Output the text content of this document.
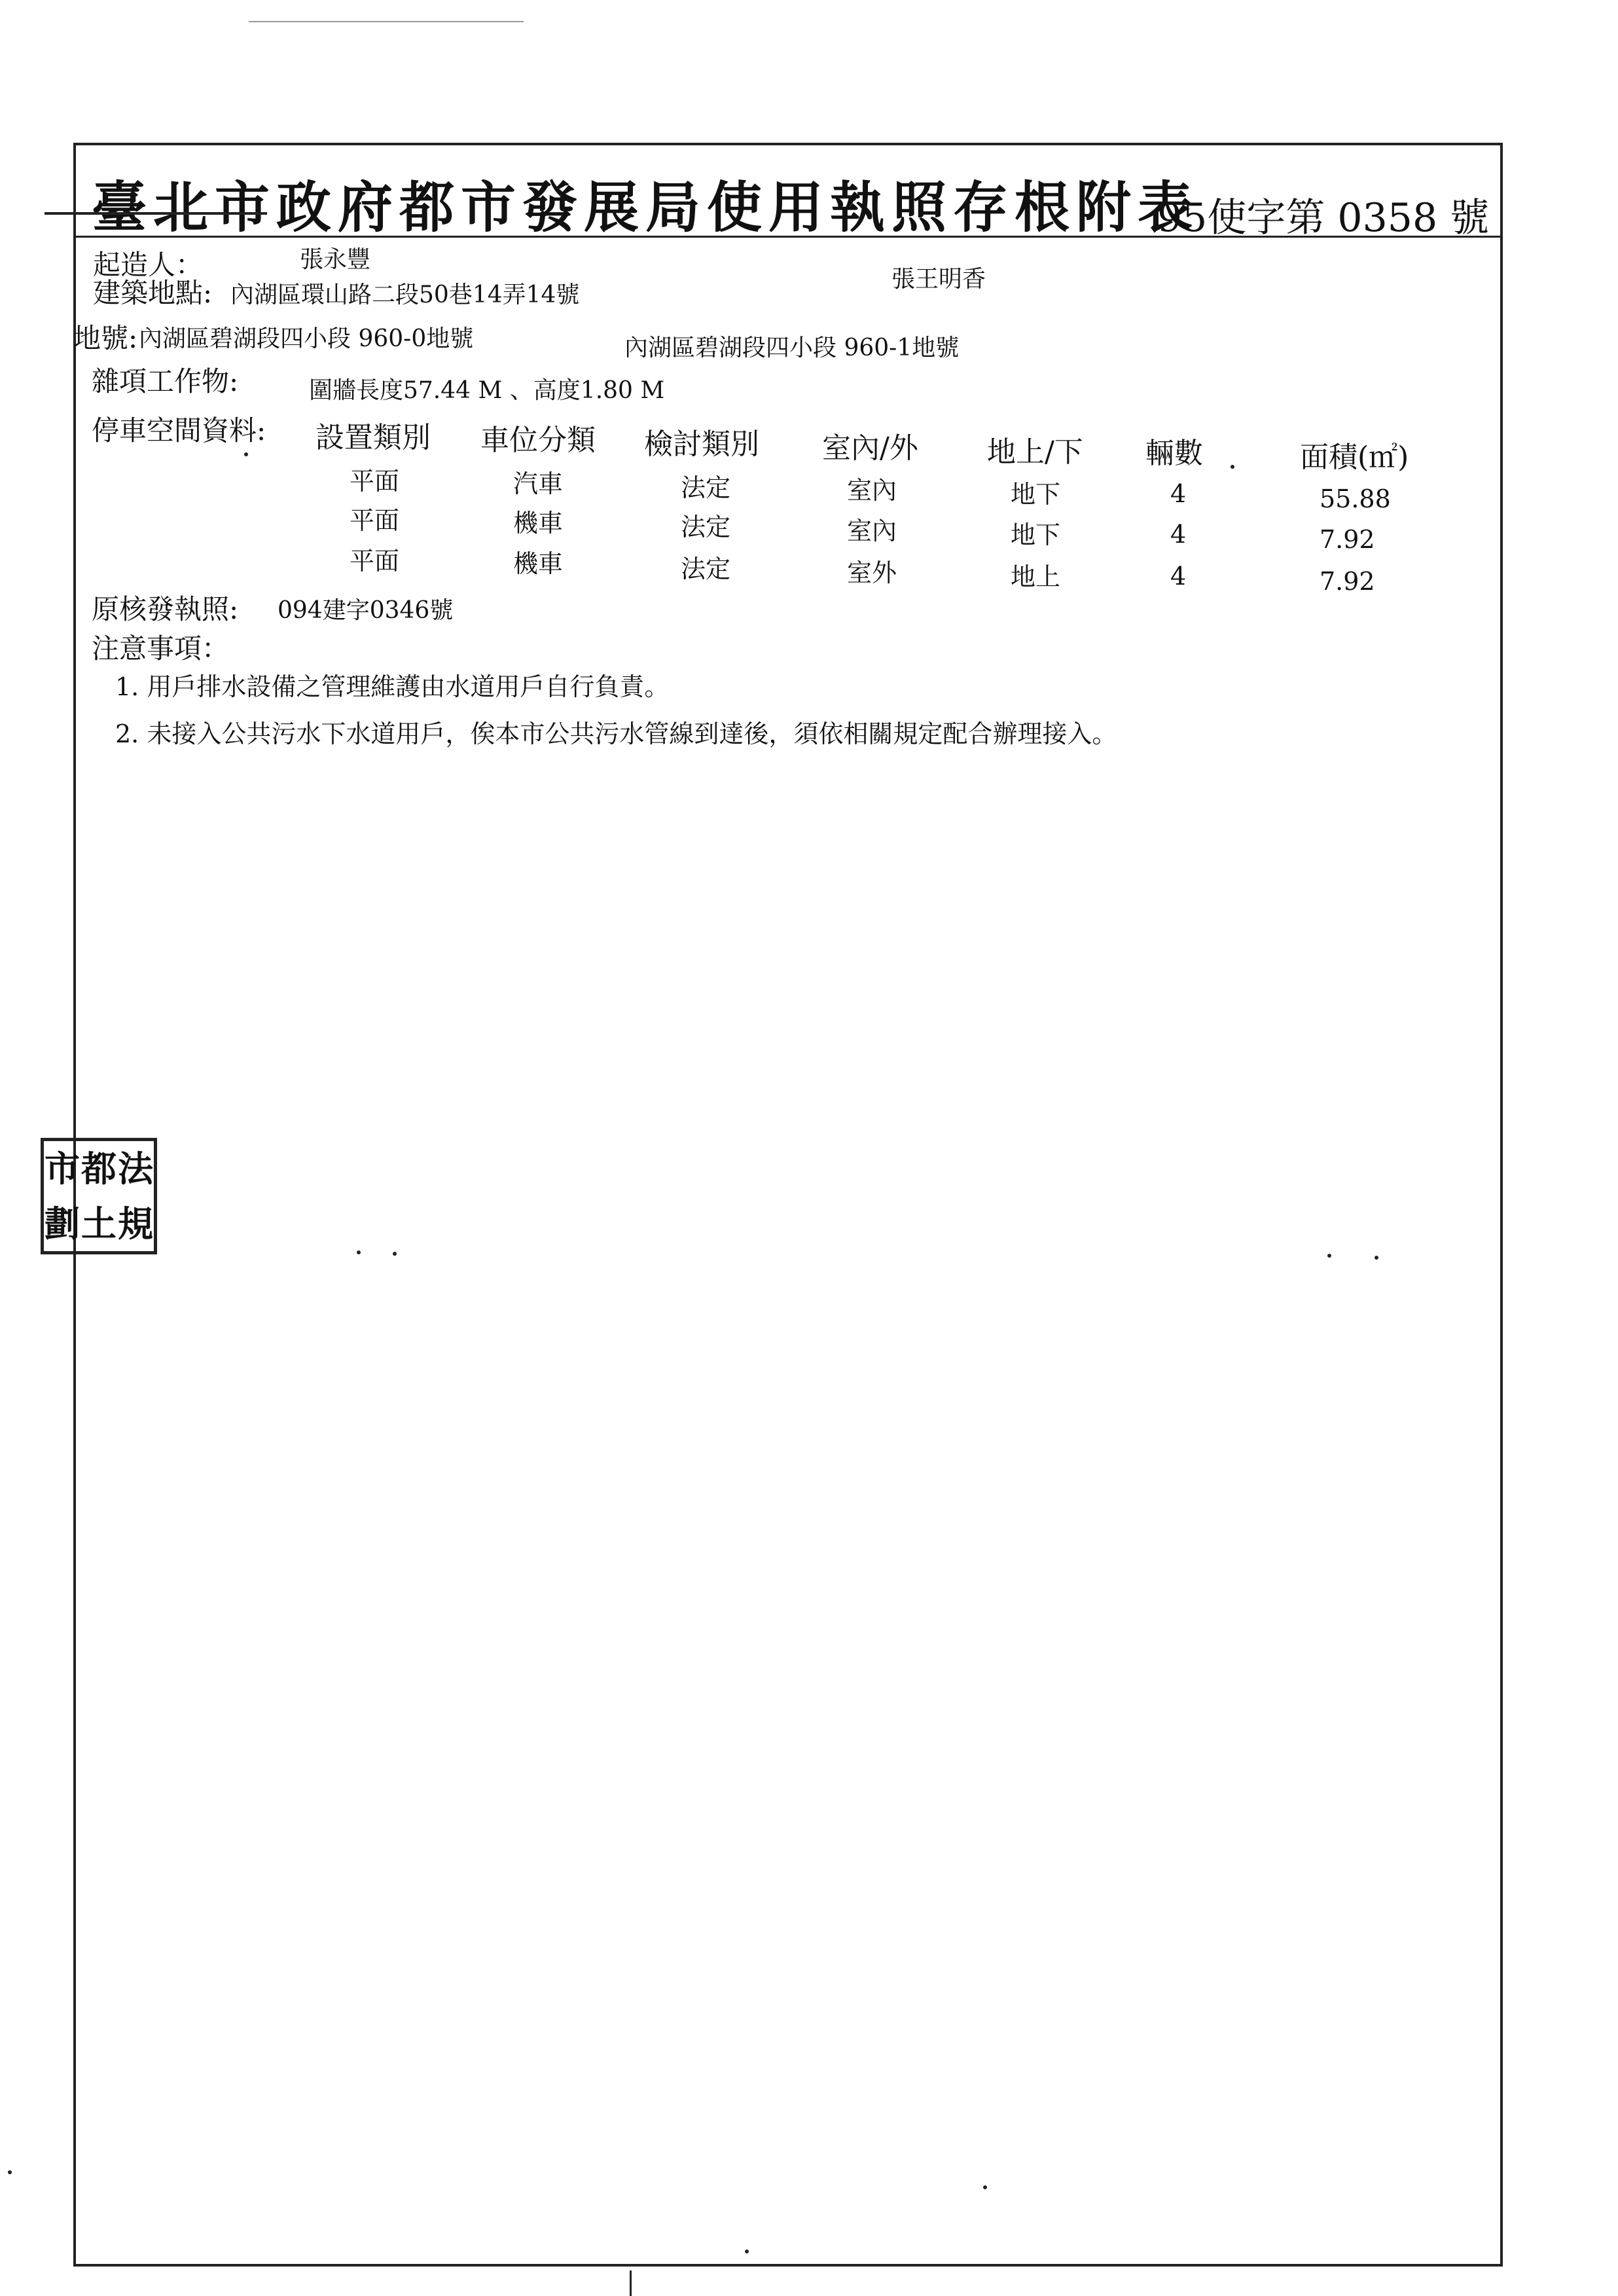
臺北市政府都市發展局使用執照存根附表
95使字第 0358 號
起造人：	張永豐
張王明香
建築地點: 內湖區環山路二段50巷14弄14號
地號: 內湖區碧湖段四小段 960-0地號	內湖區碧湖段四小段 960-1地號
雜項工作物:	圍牆長度57.44 M 、高度1.80 M
停車空間資料: 設置類別 車位分類 檢討類別 室內/外 地上/下 輛數	面積(㎡)
平面	汽車	法定	室內	地下	4	55.88
平面	機車	法定	室內	地下	4	7.92
平面	機車	法定	室外	地上	4	7.92
原核發執照: 094建字0346號
注意事項：
1. 用戶排水設備之管理維護由水道用戶自行負責。
2. 未接入公共污水下水道用戶，俟本市公共污水管線到達後，須依相關規定配合辦理接入。
市 都 法
劃 土 規
